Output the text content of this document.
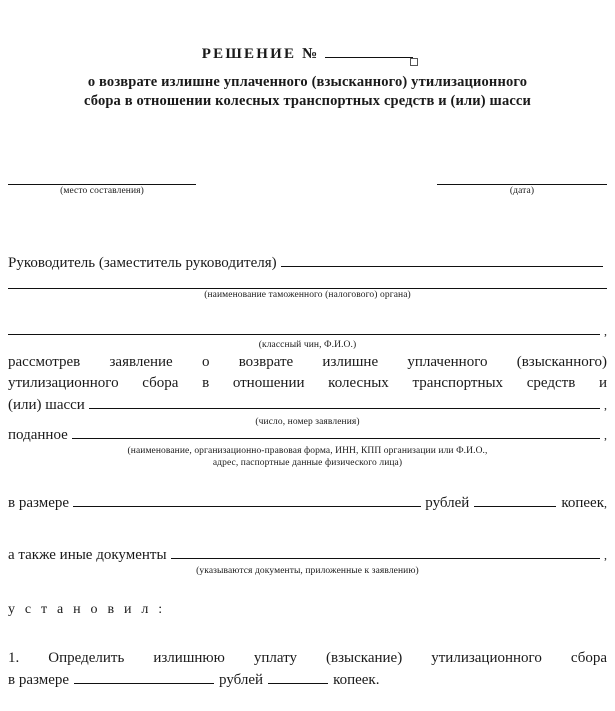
РЕШЕНИЕ №
о возврате излишне уплаченного (взысканного) утилизационного
сбора в отношении колесных транспортных средств и (или) шасси
(место составления)	(дата)
Руководитель (заместитель руководителя)
(наименование таможенного (налогового) органа)
,
(классный чин, Ф.И.О.)
рассмотрев заявление о возврате излишне уплаченного (взысканного)
утилизационного сбора в отношении колесных транспортных средств и
(или) шасси	,
(число, номер заявления)
поданное	,
(наименование, организационно-правовая форма, ИНН, КПП организации или Ф.И.О.,
адрес, паспортные данные физического лица)
в размере	рублей	копеек ,
а также иные документы	,
(указываются документы, приложенные к заявлению)
у с т а н о в и л :
1. Определить излишнюю уплату (взыскание) утилизационного сбора
в размере	рублей	копеек.
